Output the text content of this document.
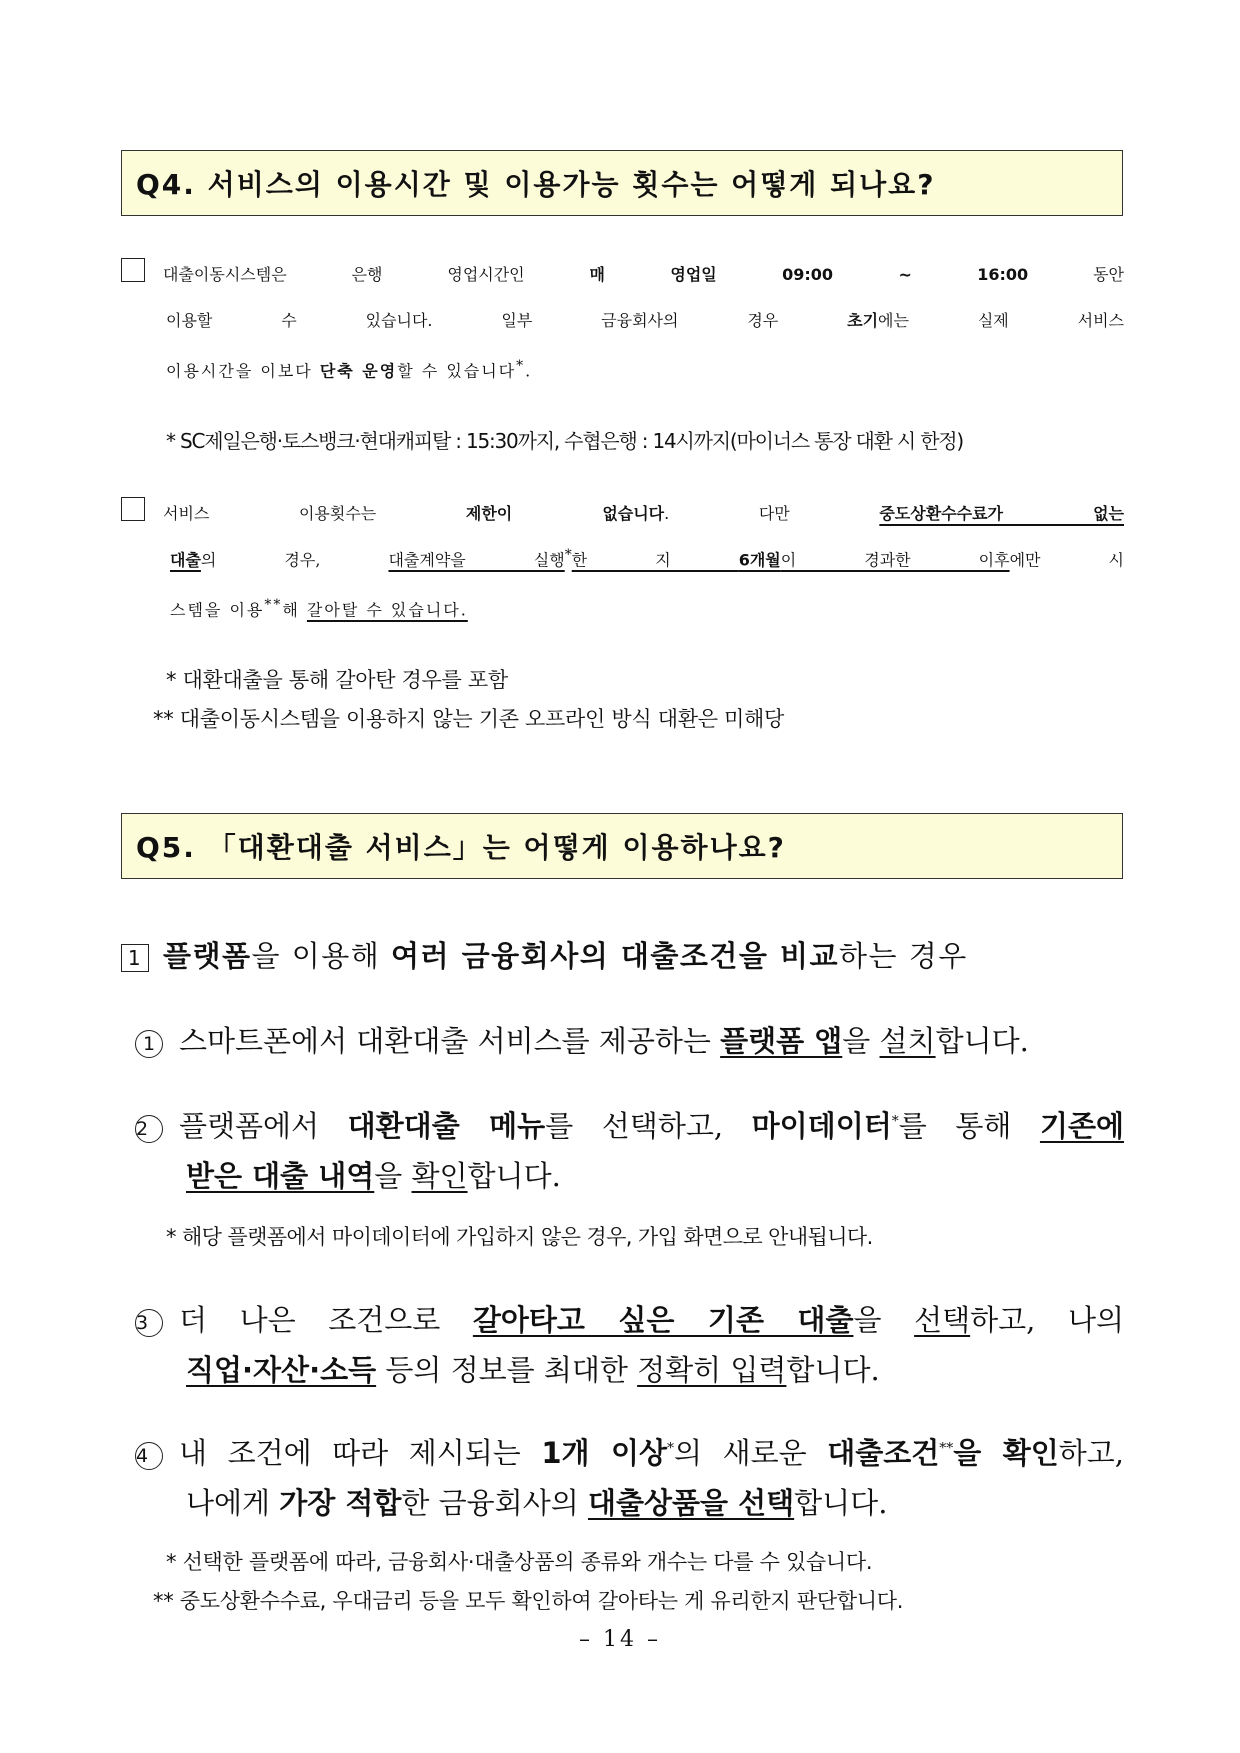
Q4. 서비스의 이용시간 및 이용가능 횟수는 어떻게 되나요?
대출이동시스템은 은행 영업시간인 매 영업일 09:00 ~ 16:00 동안
이용할 수 있습니다. 일부 금융회사의 경우 초기에는 실제 서비스
이용시간을 이보다 단축 운영할 수 있습니다*.
* SC제일은행·토스뱅크·현대캐피탈 : 15:30까지, 수협은행 : 14시까지(마이너스 통장 대환 시 한정)
서비스 이용횟수는 제한이 없습니다. 다만 중도상환수수료가 없는
대출의 경우, 대출계약을 실행*한 지 6개월이 경과한 이후에만 시
스템을 이용**해 갈아탈 수 있습니다.
* 대환대출을 통해 갈아탄 경우를 포함
** 대출이동시스템을 이용하지 않는 기존 오프라인 방식 대환은 미해당
Q5. 「대환대출 서비스」는 어떻게 이용하나요?
1 플랫폼을 이용해 여러 금융회사의 대출조건을 비교하는 경우
1 스마트폰에서 대환대출 서비스를 제공하는 플랫폼 앱을 설치합니다.
2 플랫폼에서 대환대출 메뉴를 선택하고, 마이데이터*를 통해 기존에
받은 대출 내역을 확인합니다.
* 해당 플랫폼에서 마이데이터에 가입하지 않은 경우, 가입 화면으로 안내됩니다.
3 더 나은 조건으로 갈아타고 싶은 기존 대출을 선택하고, 나의
직업·자산·소득 등의 정보를 최대한 정확히 입력합니다.
4 내 조건에 따라 제시되는 1개 이상*의 새로운 대출조건**을 확인하고,
나에게 가장 적합한 금융회사의 대출상품을 선택합니다.
* 선택한 플랫폼에 따라, 금융회사·대출상품의 종류와 개수는 다를 수 있습니다.
** 중도상환수수료, 우대금리 등을 모두 확인하여 갈아타는 게 유리한지 판단합니다.
– 14 –
